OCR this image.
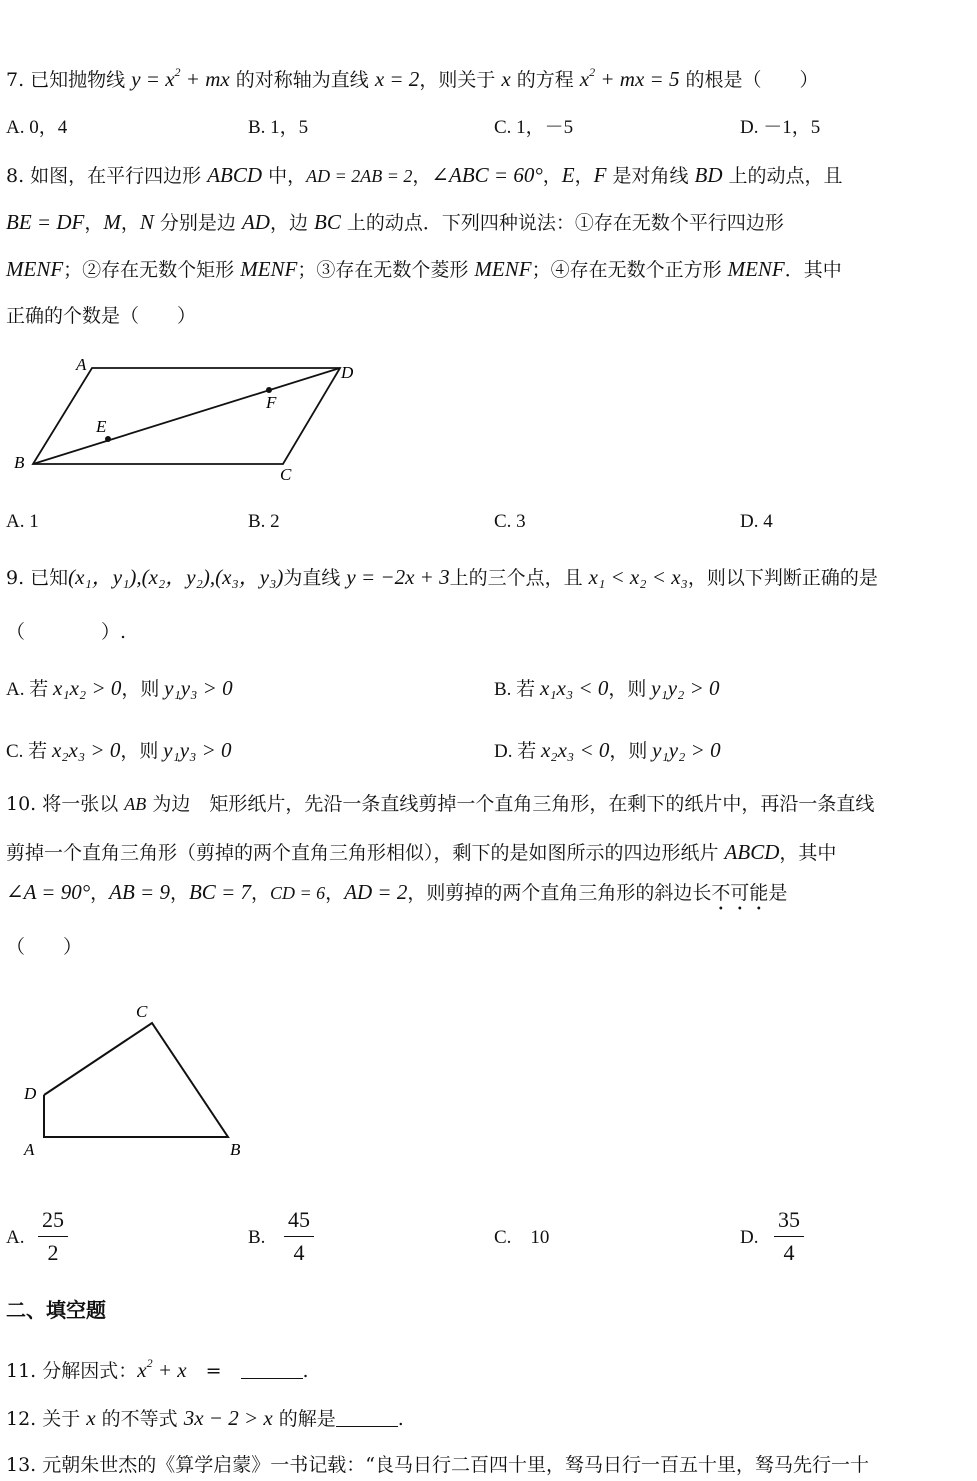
7. 已知抛物线 $y = x^2$ + mx 的对称轴为直线 x = 2，则关于 x 的方程 $x^2$ + mx = 5 的根是（　　）
A. 0，4	B. 1，5	C. 1，－5	D. －1，5
8. 如图，在平行四边形 ABCD 中，AD = 2AB = 2，∠ABC = 60°，E，F 是对角线 BD 上的动点，且
BE = DF，M，N 分别是边 AD，边 BC 上的动点．下列四种说法：①存在无数个平行四边形
MENF；②存在无数个矩形 MENF；③存在无数个菱形 MENF；④存在无数个正方形 MENF．其中
正确的个数是（　　）
A	D
B
C
E
F
A. 1	B. 2	C. 3	D. 4
9. 已知(x₁，y₁),(x₂，y₂),(x₃，y₃)为直线 y = −2x + 3上的三个点，且 x₁ < x₂ < x₃，则以下判断正确的是
（　　　　）.
A. 若 x₁x₂ > 0，则 y₁y₃ > 0	B. 若 x₁x₃ < 0，则 y₁y₂ > 0
C. 若 x₂x₃ > 0，则 y₁y₃ > 0	D. 若 x₂x₃ < 0，则 y₁y₂ > 0
10. 将一张以 AB 为边　矩形纸片，先沿一条直线剪掉一个直角三角形，在剩下的纸片中，再沿一条直线
剪掉一个直角三角形（剪掉的两个直角三角形相似），剩下的是如图所示的四边形纸片 ABCD，其中
∠A = 90°，AB = 9，BC = 7，CD = 6，AD = 2，则剪掉的两个直角三角形的斜边长不可能是
（　　）
C
D
A	B
A.
25
2
B.
45
4
C.　10	D.
35
4
二、填空题
11. 分解因式：$x^2 + x$　=　	.
12. 关于 x 的不等式 3x − 2 > x 的解是	.
13. 元朝朱世杰的《算学启蒙》一书记载：“良马日行二百四十里，驽马日行一百五十里，驽马先行一十
